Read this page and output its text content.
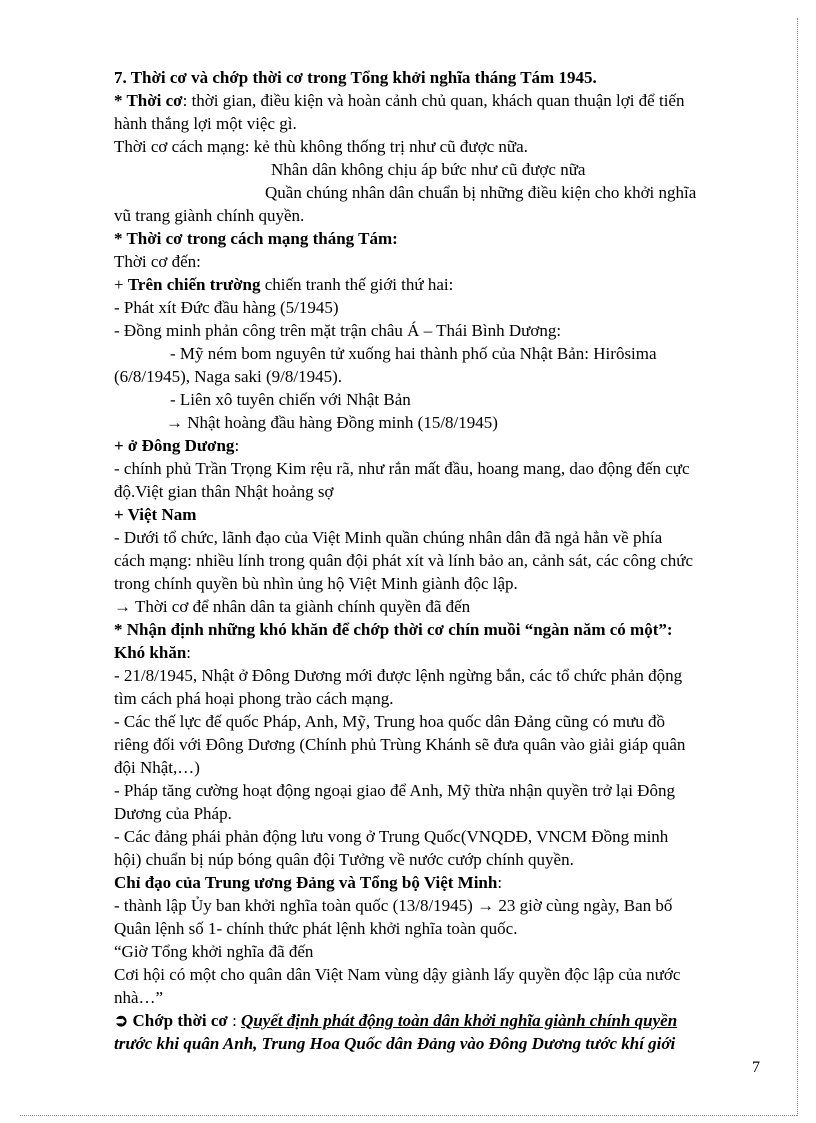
7. Thời cơ và chớp thời cơ trong Tổng khởi nghĩa tháng Tám 1945.
* Thời cơ: thời gian, điều kiện và hoàn cảnh chủ quan, khách quan thuận lợi để tiến
hành thắng lợi một việc gì.
Thời cơ cách mạng: kẻ thù không thống trị như cũ được nữa.
Nhân dân không chịu áp bức như cũ được nữa
Quần chúng nhân dân chuẩn bị những điều kiện cho khởi nghĩa
vũ trang giành chính quyền.
* Thời cơ trong cách mạng tháng Tám:
Thời cơ đến:
+ Trên chiến trường chiến tranh thế giới thứ hai:
- Phát xít Đức đầu hàng (5/1945)
- Đồng minh phản công trên mặt trận châu Á – Thái Bình Dương:
- Mỹ ném bom nguyên tử xuống hai thành phố của Nhật Bản: Hirôsima
(6/8/1945), Naga saki (9/8/1945).
- Liên xô tuyên chiến với Nhật Bản
→ Nhật hoàng đầu hàng Đồng minh (15/8/1945)
+ ở Đông Dương:
- chính phủ Trần Trọng Kim rệu rã, như rắn mất đầu, hoang mang, dao động đến cực
độ.Việt gian thân Nhật hoảng sợ
+ Việt Nam
- Dưới tổ chức, lãnh đạo của Việt Minh quần chúng nhân dân đã ngả hẳn về phía
cách mạng: nhiều lính trong quân đội phát xít và lính bảo an, cảnh sát, các công chức
trong chính quyền bù nhìn ủng hộ Việt Minh giành độc lập.
→ Thời cơ để nhân dân ta giành chính quyền đã đến
* Nhận định những khó khăn để chớp thời cơ chín muồi “ngàn năm có một”:
Khó khăn:
- 21/8/1945, Nhật ở Đông Dương mới được lệnh ngừng bắn, các tổ chức phản động
tìm cách phá hoại phong trào cách mạng.
- Các thế lực đế quốc Pháp, Anh, Mỹ, Trung hoa quốc dân Đảng cũng có mưu đồ
riêng đối với Đông Dương (Chính phủ Trùng Khánh sẽ đưa quân vào giải giáp quân
đội Nhật,…)
- Pháp tăng cường hoạt động ngoại giao để Anh, Mỹ thừa nhận quyền trở lại Đông
Dương của Pháp.
- Các đảng phái phản động lưu vong ở Trung Quốc(VNQDĐ, VNCM Đồng minh
hội) chuẩn bị núp bóng quân đội Tưởng về nước cướp chính quyền.
Chỉ đạo của Trung ương Đảng và Tổng bộ Việt Minh:
- thành lập Ủy ban khởi nghĩa toàn quốc (13/8/1945) → 23 giờ cùng ngày, Ban bố
Quân lệnh số 1- chính thức phát lệnh khởi nghĩa toàn quốc.
“Giờ Tổng khởi nghĩa đã đến
Cơi hội có một cho quân dân Việt Nam vùng dậy giành lấy quyền độc lập của nước
nhà…”
➲ Chớp thời cơ : Quyết định phát động toàn dân khởi nghĩa giành chính quyền
trước khi quân Anh, Trung Hoa Quốc dân Đảng vào Đông Dương tước khí giới
7
